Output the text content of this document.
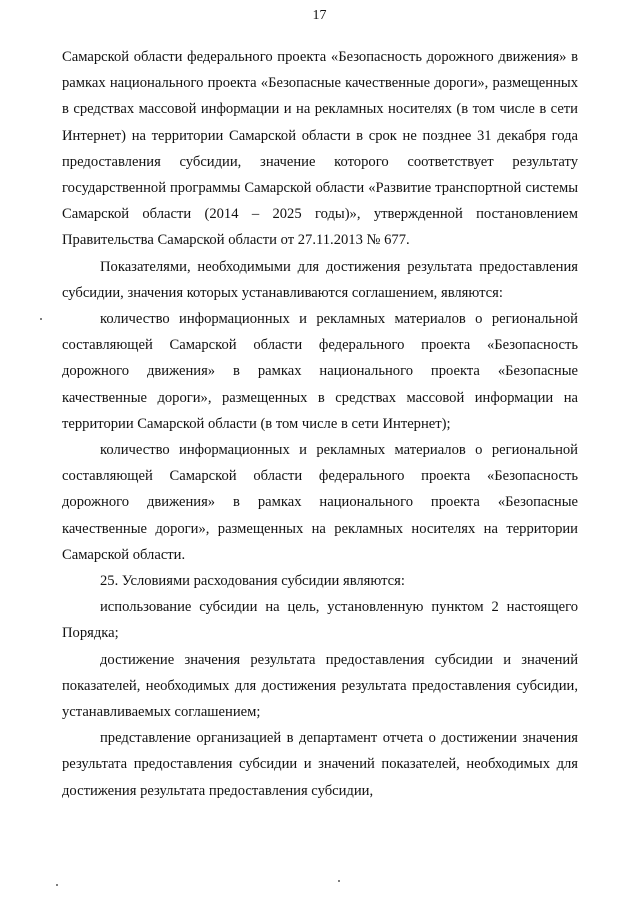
17

Самарской области федерального проекта «Безопасность дорожного движения» в рамках национального проекта «Безопасные качественные дороги», размещенных в средствах массовой информации и на рекламных носителях (в том числе в сети Интернет) на территории Самарской области в срок не позднее 31 декабря года предоставления субсидии, значение которого соответствует результату государственной программы Самарской области «Развитие транспортной системы Самарской области (2014 – 2025 годы)», утвержденной постановлением Правительства Самарской области от 27.11.2013 № 677.

Показателями, необходимыми для достижения результата предоставления субсидии, значения которых устанавливаются соглашением, являются:

количество информационных и рекламных материалов о региональной составляющей Самарской области федерального проекта «Безопасность дорожного движения» в рамках национального проекта «Безопасные качественные дороги», размещенных в средствах массовой информации на территории Самарской области (в том числе в сети Интернет);

количество информационных и рекламных материалов о региональной составляющей Самарской области федерального проекта «Безопасность дорожного движения» в рамках национального проекта «Безопасные качественные дороги», размещенных на рекламных носителях на территории Самарской области.

25. Условиями расходования субсидии являются:

использование субсидии на цель, установленную пунктом 2 настоящего Порядка;

достижение значения результата предоставления субсидии и значений показателей, необходимых для достижения результата предоставления субсидии, устанавливаемых соглашением;

представление организацией в департамент отчета о достижении значения результата предоставления субсидии и значений показателей, необходимых для достижения результата предоставления субсидии,
